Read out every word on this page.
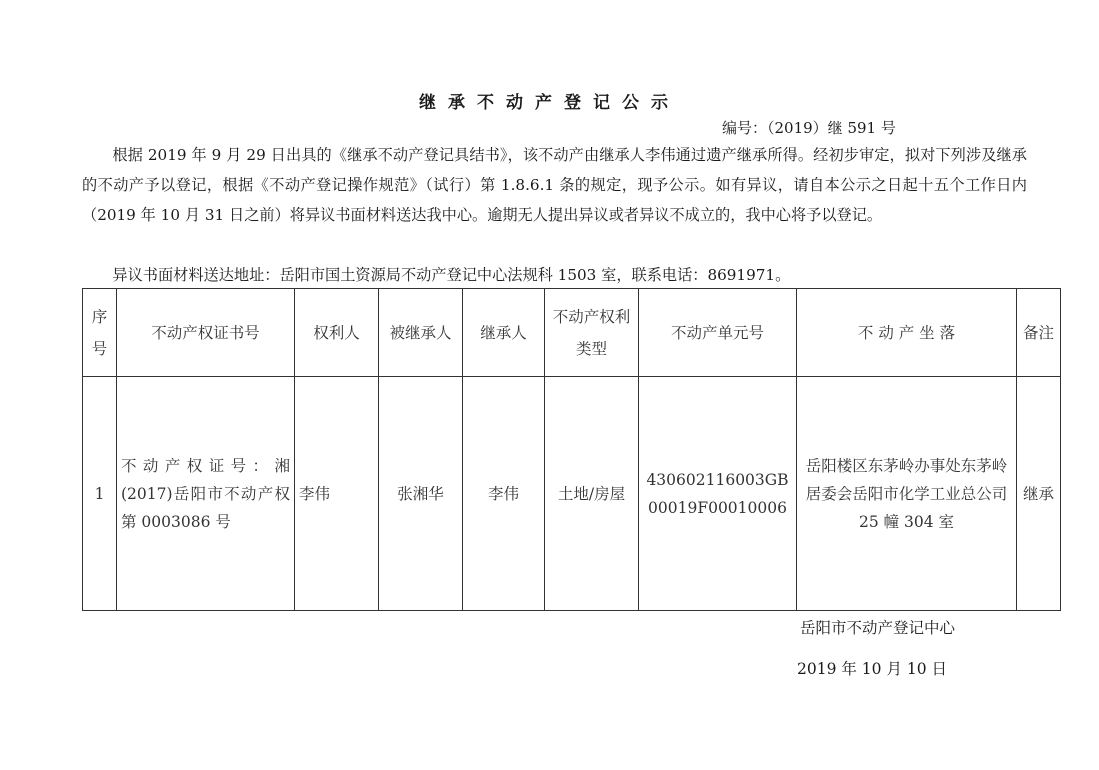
继承不动产登记公示
编号：（2019）继 591 号
根据 2019 年 9 月 29 日出具的《继承不动产登记具结书》，该不动产由继承人李伟通过遗产继承所得。经初步审定，拟对下列涉及继承的不动产予以登记，根据《不动产登记操作规范》（试行）第 1.8.6.1 条的规定，现予公示。如有异议，请自本公示之日起十五个工作日内（2019 年 10 月 31 日之前）将异议书面材料送达我中心。逾期无人提出异议或者异议不成立的，我中心将予以登记。
异议书面材料送达地址：岳阳市国土资源局不动产登记中心法规科 1503 室，联系电话：8691971。
序号	不动产权证书号	权利人	被继承人	继承人	不动产权利类型	不动产单元号	不 动 产 坐 落	备注
1	不动产权证号：湘(2017)岳阳市不动产权第 0003086 号	李伟	张湘华	李伟	土地/房屋	430602116003GB00019F00010006	岳阳楼区东茅岭办事处东茅岭居委会岳阳市化学工业总公司 25 幢 304 室	继承
岳阳市不动产登记中心
2019 年 10 月 10 日
